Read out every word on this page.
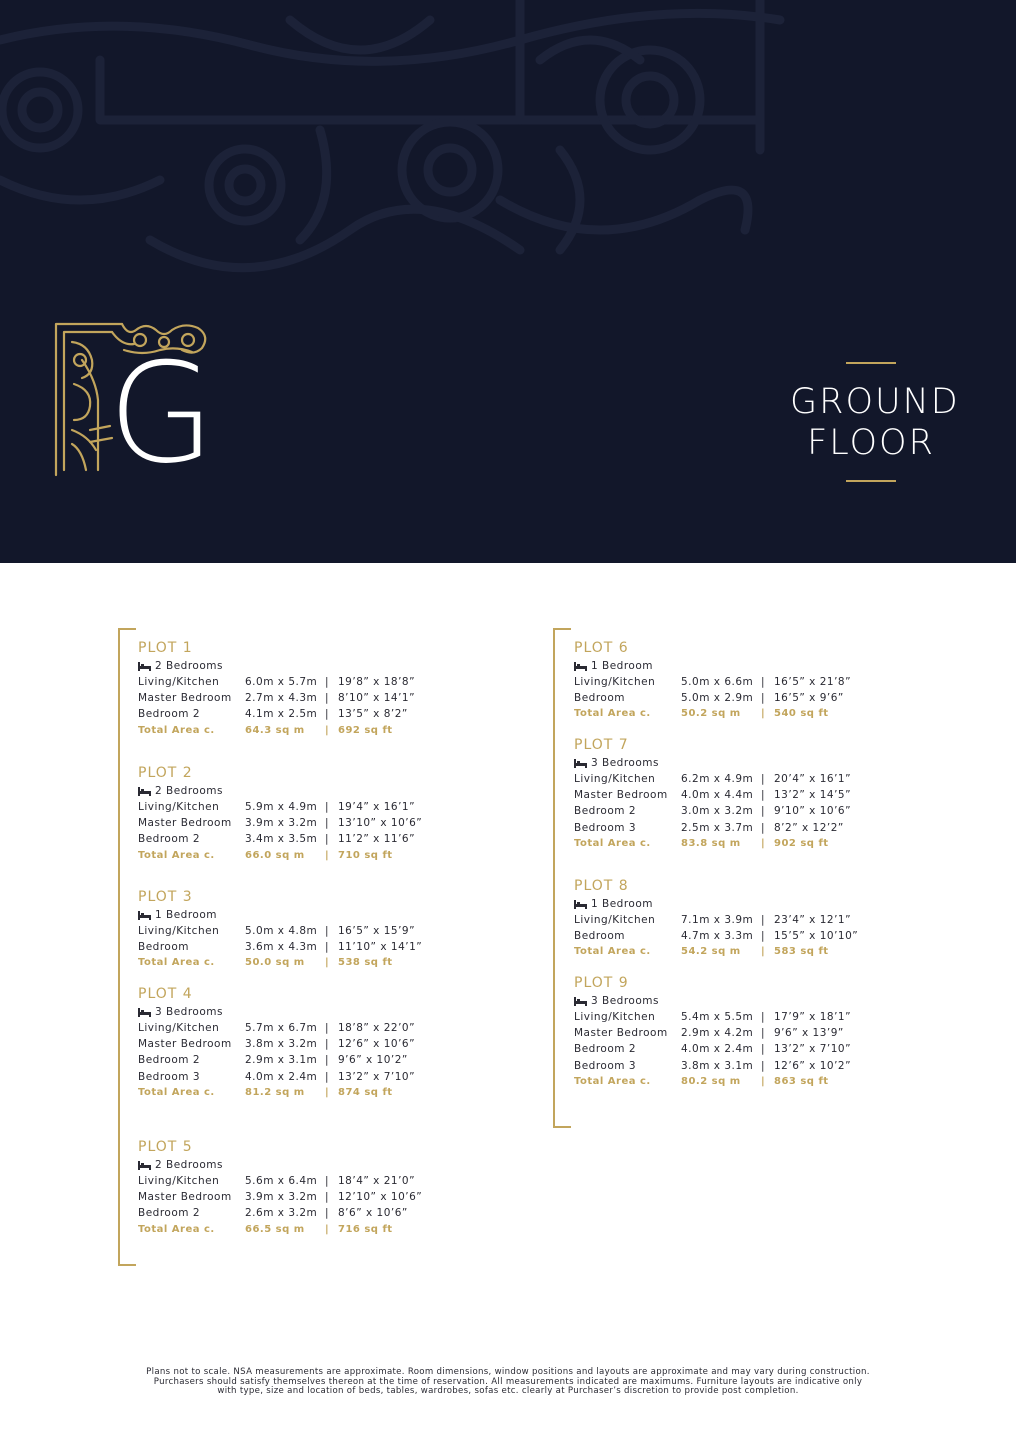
G	GROUND
FLOOR
PLOT 1
2 Bedrooms
Living/Kitchen	6.0m x 5.7m | 19’8” x 18’8”
Master Bedroom	2.7m x 4.3m | 8’10” x 14’1”
Bedroom 2	4.1m x 2.5m | 13’5” x 8’2”
Total Area c.	64.3 sq m	| 692 sq ft
PLOT 2
2 Bedrooms
Living/Kitchen	5.9m x 4.9m | 19’4” x 16’1”
Master Bedroom	3.9m x 3.2m | 13’10” x 10’6”
Bedroom 2	3.4m x 3.5m | 11’2” x 11’6”
Total Area c.	66.0 sq m	| 710 sq ft
PLOT 3
1 Bedroom
Living/Kitchen	5.0m x 4.8m | 16’5” x 15’9”
Bedroom	3.6m x 4.3m | 11’10” x 14’1”
Total Area c.	50.0 sq m	| 538 sq ft
PLOT 4
3 Bedrooms
Living/Kitchen	5.7m x 6.7m | 18’8” x 22’0”
Master Bedroom	3.8m x 3.2m | 12’6” x 10’6”
Bedroom 2	2.9m x 3.1m | 9’6” x 10’2”
Bedroom 3	4.0m x 2.4m | 13’2” x 7’10”
Total Area c.	81.2 sq m	| 874 sq ft
PLOT 5
2 Bedrooms
Living/Kitchen	5.6m x 6.4m | 18’4” x 21’0”
Master Bedroom	3.9m x 3.2m | 12’10” x 10’6”
Bedroom 2	2.6m x 3.2m | 8’6” x 10’6”
Total Area c.	66.5 sq m	| 716 sq ft
PLOT 6
1 Bedroom
Living/Kitchen	5.0m x 6.6m | 16’5” x 21’8”
Bedroom	5.0m x 2.9m | 16’5” x 9’6”
Total Area c.	50.2 sq m	| 540 sq ft
PLOT 7
3 Bedrooms
Living/Kitchen	6.2m x 4.9m | 20’4” x 16’1”
Master Bedroom	4.0m x 4.4m | 13’2” x 14’5”
Bedroom 2	3.0m x 3.2m | 9’10” x 10’6”
Bedroom 3	2.5m x 3.7m | 8’2” x 12’2”
Total Area c.	83.8 sq m	| 902 sq ft
PLOT 8
1 Bedroom
Living/Kitchen	7.1m x 3.9m | 23’4” x 12’1”
Bedroom	4.7m x 3.3m | 15’5” x 10’10”
Total Area c.	54.2 sq m	| 583 sq ft
PLOT 9
3 Bedrooms
Living/Kitchen	5.4m x 5.5m | 17’9” x 18’1”
Master Bedroom	2.9m x 4.2m | 9’6” x 13’9”
Bedroom 2	4.0m x 2.4m | 13’2” x 7’10”
Bedroom 3	3.8m x 3.1m | 12’6” x 10’2”
Total Area c.	80.2 sq m	| 863 sq ft
Plans not to scale. NSA measurements are approximate. Room dimensions, window positions and layouts are approximate and may vary during construction.
Purchasers should satisfy themselves thereon at the time of reservation. All measurements indicated are maximums. Furniture layouts are indicative only
with type, size and location of beds, tables, wardrobes, sofas etc. clearly at Purchaser’s discretion to provide post completion.
